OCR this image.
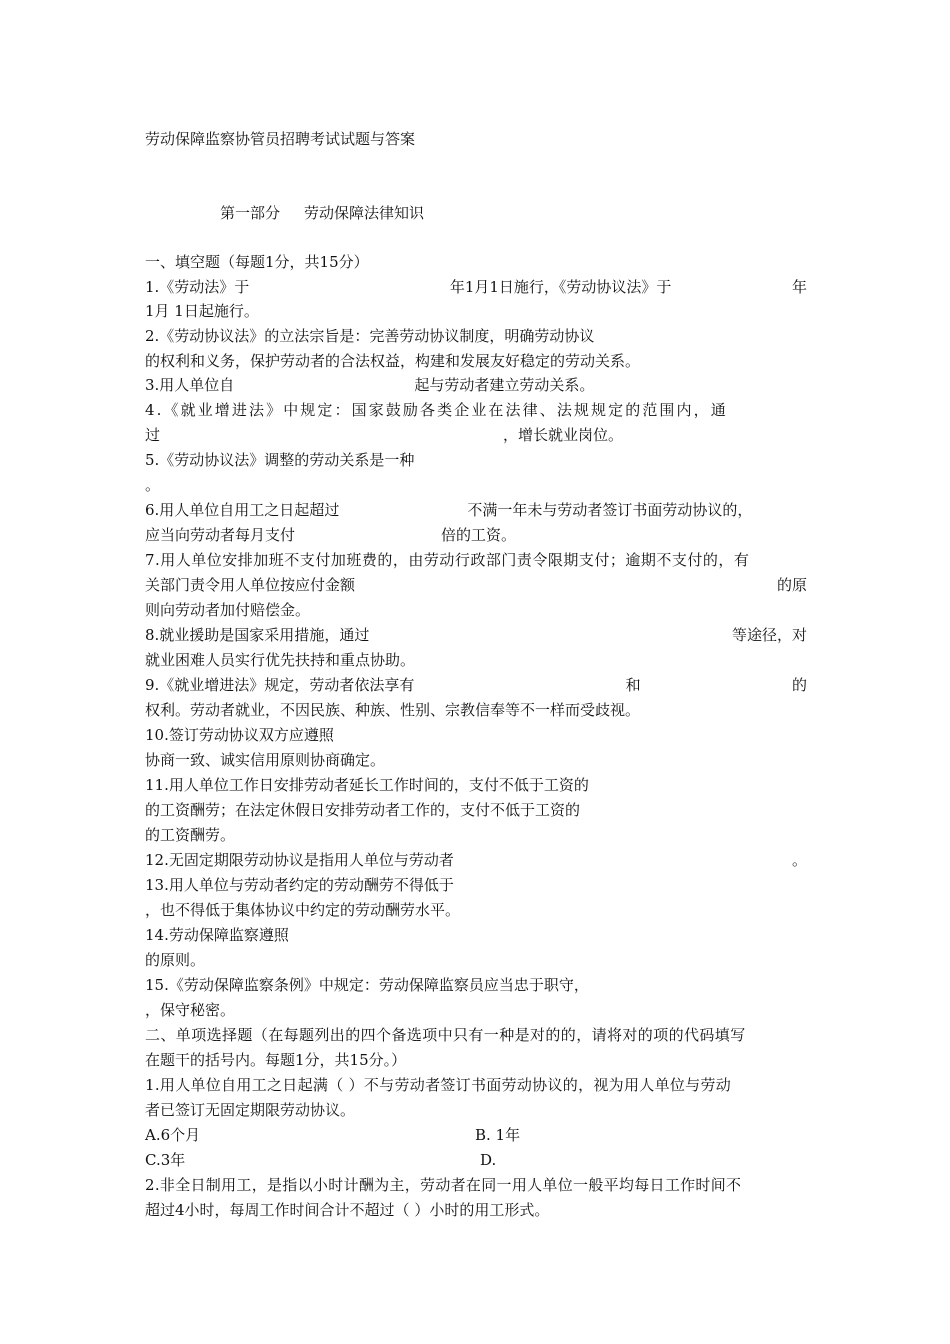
劳动保障监察协管员招聘考试试题与答案
第一部分 劳动保障法律知识
一、填空题（每题1分，共15分）
1.《劳动法》于	年1月1日施行，《劳动协议法》于	年
1月 1日起施行。
2.《劳动协议法》的立法宗旨是：完善劳动协议制度，明确劳动协议
的权利和义务，保护劳动者的合法权益，构建和发展友好稳定的劳动关系。
3.用人单位自	起与劳动者建立劳动关系。
4.《就业增进法》中规定：国家鼓励各类企业在法律、法规规定的范围内，通
过	，增长就业岗位。
5.《劳动协议法》调整的劳动关系是一种
。
6.用人单位自用工之日起超过	不满一年未与劳动者签订书面劳动协议的，
应当向劳动者每月支付	倍的工资。
7.用人单位安排加班不支付加班费的，由劳动行政部门责令限期支付；逾期不支付的，有
关部门责令用人单位按应付金额	的原
则向劳动者加付赔偿金。
8.就业援助是国家采用措施，通过	等途径，对
就业困难人员实行优先扶持和重点协助。
9.《就业增进法》规定，劳动者依法享有	和	的
权利。劳动者就业，不因民族、种族、性别、宗教信奉等不一样而受歧视。
10.签订劳动协议双方应遵照
协商一致、诚实信用原则协商确定。
11.用人单位工作日安排劳动者延长工作时间的，支付不低于工资的
的工资酬劳；在法定休假日安排劳动者工作的，支付不低于工资的
的工资酬劳。
12.无固定期限劳动协议是指用人单位与劳动者	。
13.用人单位与劳动者约定的劳动酬劳不得低于
，也不得低于集体协议中约定的劳动酬劳水平。
14.劳动保障监察遵照
的原则。
15.《劳动保障监察条例》中规定：劳动保障监察员应当忠于职守，
，保守秘密。
二、单项选择题（在每题列出的四个备选项中只有一种是对的的，请将对的项的代码填写
在题干的括号内。每题1分，共15分。）
1.用人单位自用工之日起满（ ）不与劳动者签订书面劳动协议的，视为用人单位与劳动
者已签订无固定期限劳动协议。
A.6个月	B. 1年
C.3年	D.
2.非全日制用工，是指以小时计酬为主，劳动者在同一用人单位一般平均每日工作时间不
超过4小时，每周工作时间合计不超过（ ）小时的用工形式。
